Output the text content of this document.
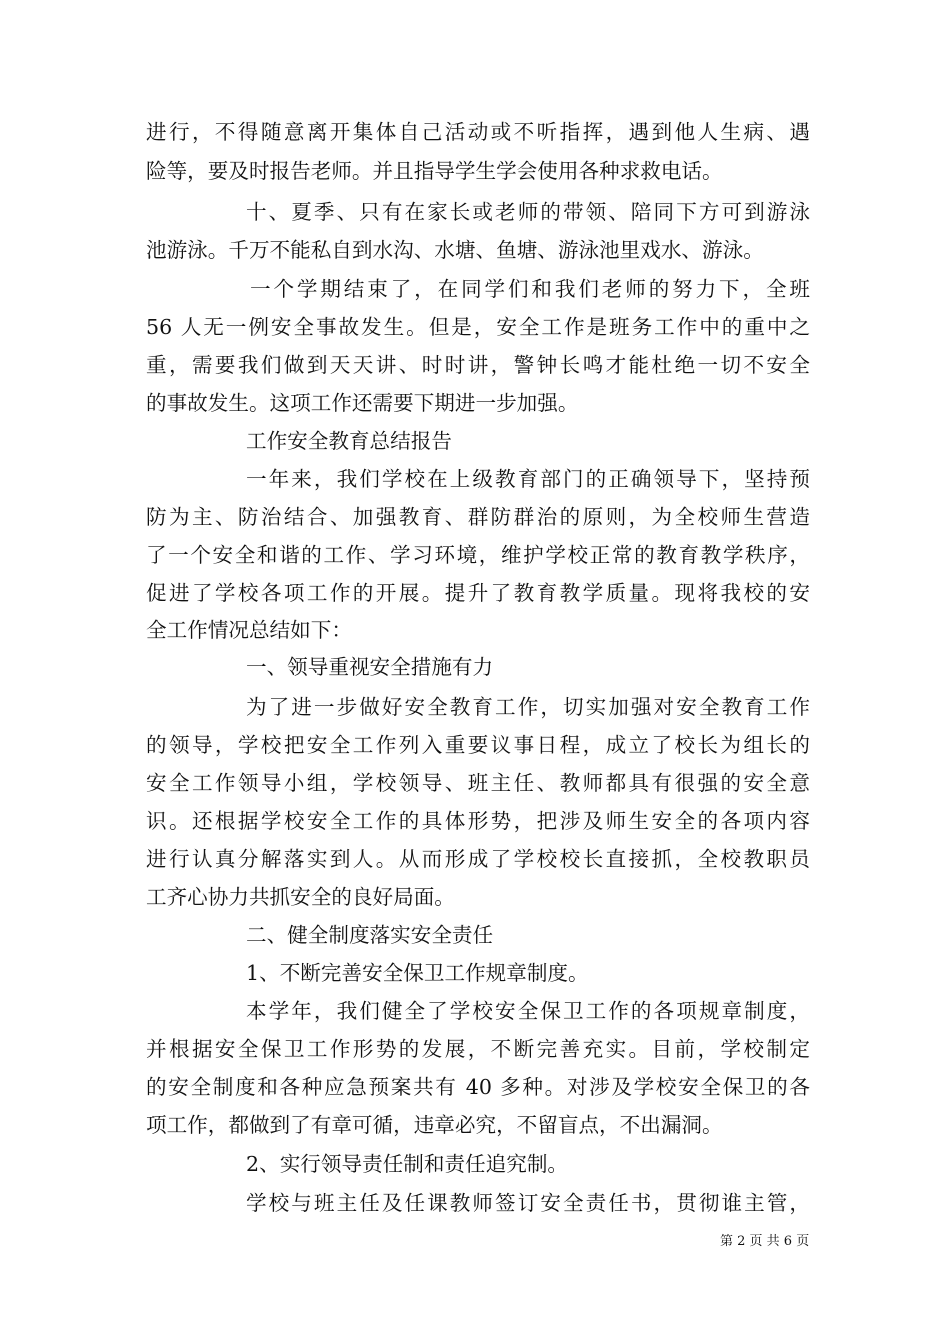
进行，不得随意离开集体自己活动或不听指挥，遇到他人生病、遇
险等，要及时报告老师。并且指导学生学会使用各种求救电话。
十、夏季、只有在家长或老师的带领、陪同下方可到游泳
池游泳。千万不能私自到水沟、水塘、鱼塘、游泳池里戏水、游泳。
一个学期结束了，在同学们和我们老师的努力下，全班
56 人无一例安全事故发生。但是，安全工作是班务工作中的重中之
重，需要我们做到天天讲、时时讲，警钟长鸣才能杜绝一切不安全
的事故发生。这项工作还需要下期进一步加强。
工作安全教育总结报告
一年来，我们学校在上级教育部门的正确领导下，坚持预
防为主、防治结合、加强教育、群防群治的原则，为全校师生营造
了一个安全和谐的工作、学习环境，维护学校正常的教育教学秩序，
促进了学校各项工作的开展。提升了教育教学质量。现将我校的安
全工作情况总结如下：
一、领导重视安全措施有力
为了进一步做好安全教育工作，切实加强对安全教育工作
的领导，学校把安全工作列入重要议事日程，成立了校长为组长的
安全工作领导小组，学校领导、班主任、教师都具有很强的安全意
识。还根据学校安全工作的具体形势，把涉及师生安全的各项内容
进行认真分解落实到人。从而形成了学校校长直接抓，全校教职员
工齐心协力共抓安全的良好局面。
二、健全制度落实安全责任
1、不断完善安全保卫工作规章制度。
本学年，我们健全了学校安全保卫工作的各项规章制度，
并根据安全保卫工作形势的发展，不断完善充实。目前，学校制定
的安全制度和各种应急预案共有 40 多种。对涉及学校安全保卫的各
项工作，都做到了有章可循，违章必究，不留盲点，不出漏洞。
2、实行领导责任制和责任追究制。
学校与班主任及任课教师签订安全责任书，贯彻谁主管，
第 2 页 共 6 页
